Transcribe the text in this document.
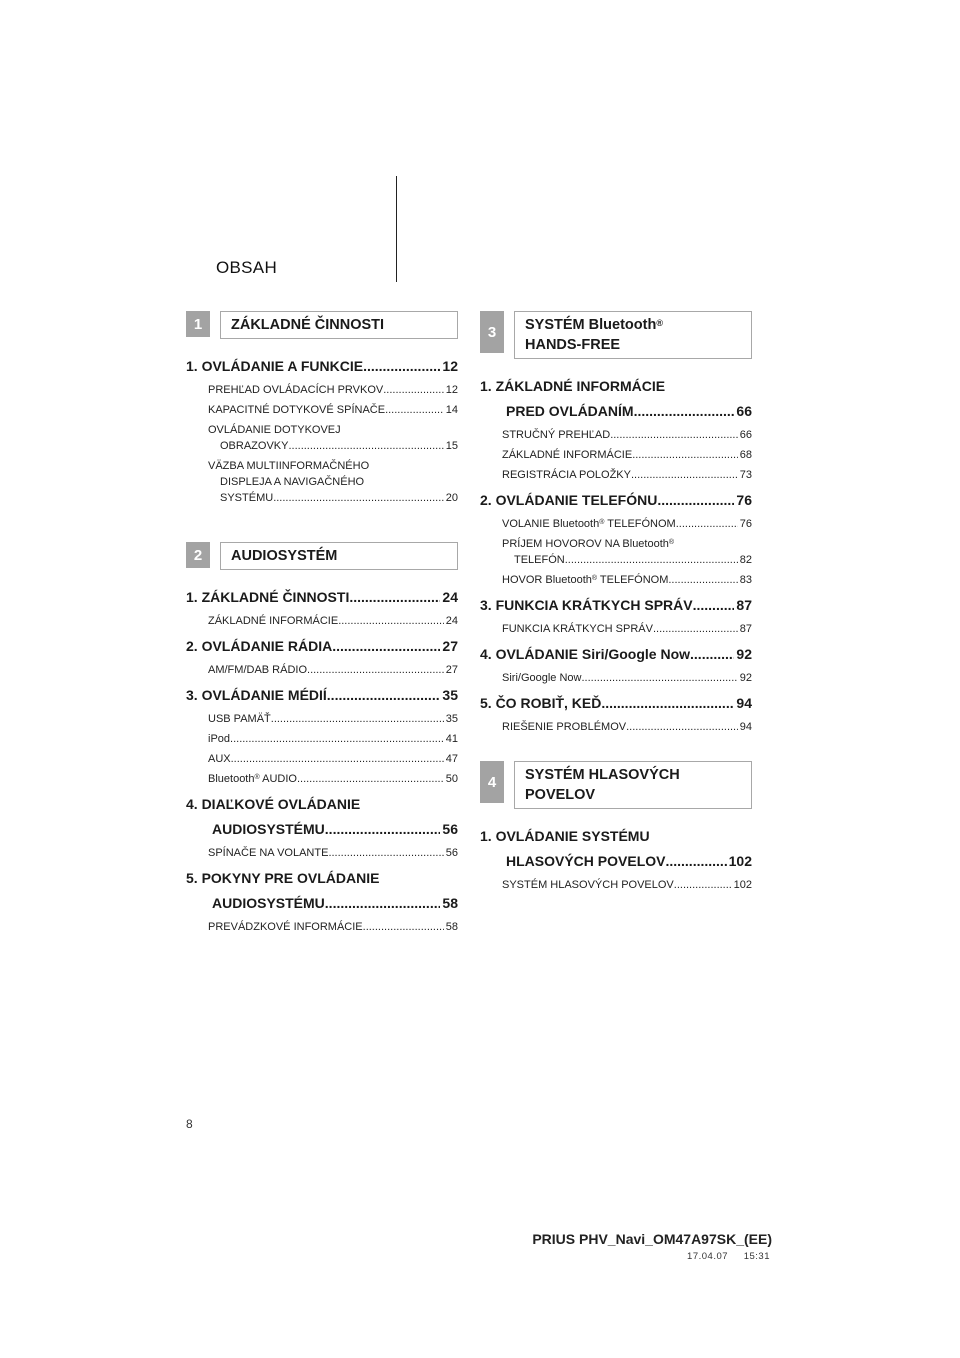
OBSAH
1	ZÁKLADNÉ ČINNOSTI
1. OVLÁDANIE A FUNKCIE .....	12
PREHĽAD OVLÁDACÍCH PRVKOV .....	12
KAPACITNÉ DOTYKOVÉ SPÍNAČE .....	14
OVLÁDANIE DOTYKOVEJ
OBRAZOVKY .....	15
VÄZBA MULTIINFORMAČNÉHO
DISPLEJA A NAVIGAČNÉHO
SYSTÉMU .....	20
2	AUDIOSYSTÉM
1. ZÁKLADNÉ ČINNOSTI .....	24
ZÁKLADNÉ INFORMÁCIE .....	24
2. OVLÁDANIE RÁDIA .....	27
AM/FM/DAB RÁDIO .....	27
3. OVLÁDANIE MÉDIÍ .....	35
USB PAMÄŤ .....	35
iPod .....	41
AUX .....	47
Bluetooth® AUDIO .....	50
4. DIAĽKOVÉ OVLÁDANIE
AUDIOSYSTÉMU .....	56
SPÍNAČE NA VOLANTE .....	56
5. POKYNY PRE OVLÁDANIE
AUDIOSYSTÉMU .....	58
PREVÁDZKOVÉ INFORMÁCIE .....	58
3	SYSTÉM Bluetooth®
HANDS-FREE
1. ZÁKLADNÉ INFORMÁCIE
PRED OVLÁDANÍM .....	66
STRUČNÝ PREHĽAD .....	66
ZÁKLADNÉ INFORMÁCIE .....	68
REGISTRÁCIA POLOŽKY .....	73
2. OVLÁDANIE TELEFÓNU .....	76
VOLANIE Bluetooth® TELEFÓNOM .....	76
PRÍJEM HOVOROV NA Bluetooth®
TELEFÓN .....	82
HOVOR Bluetooth® TELEFÓNOM .....	83
3. FUNKCIA KRÁTKYCH SPRÁV .....	87
FUNKCIA KRÁTKYCH SPRÁV .....	87
4. OVLÁDANIE Siri/Google Now .....	92
Siri/Google Now .....	92
5. ČO ROBIŤ, KEĎ... .....	94
RIEŠENIE PROBLÉMOV .....	94
4	SYSTÉM HLASOVÝCH
POVELOV
1. OVLÁDANIE SYSTÉMU
HLASOVÝCH POVELOV .....	102
SYSTÉM HLASOVÝCH POVELOV .....	102
8
PRIUS PHV_Navi_OM47A97SK_(EE)
17.04.07     15:31
